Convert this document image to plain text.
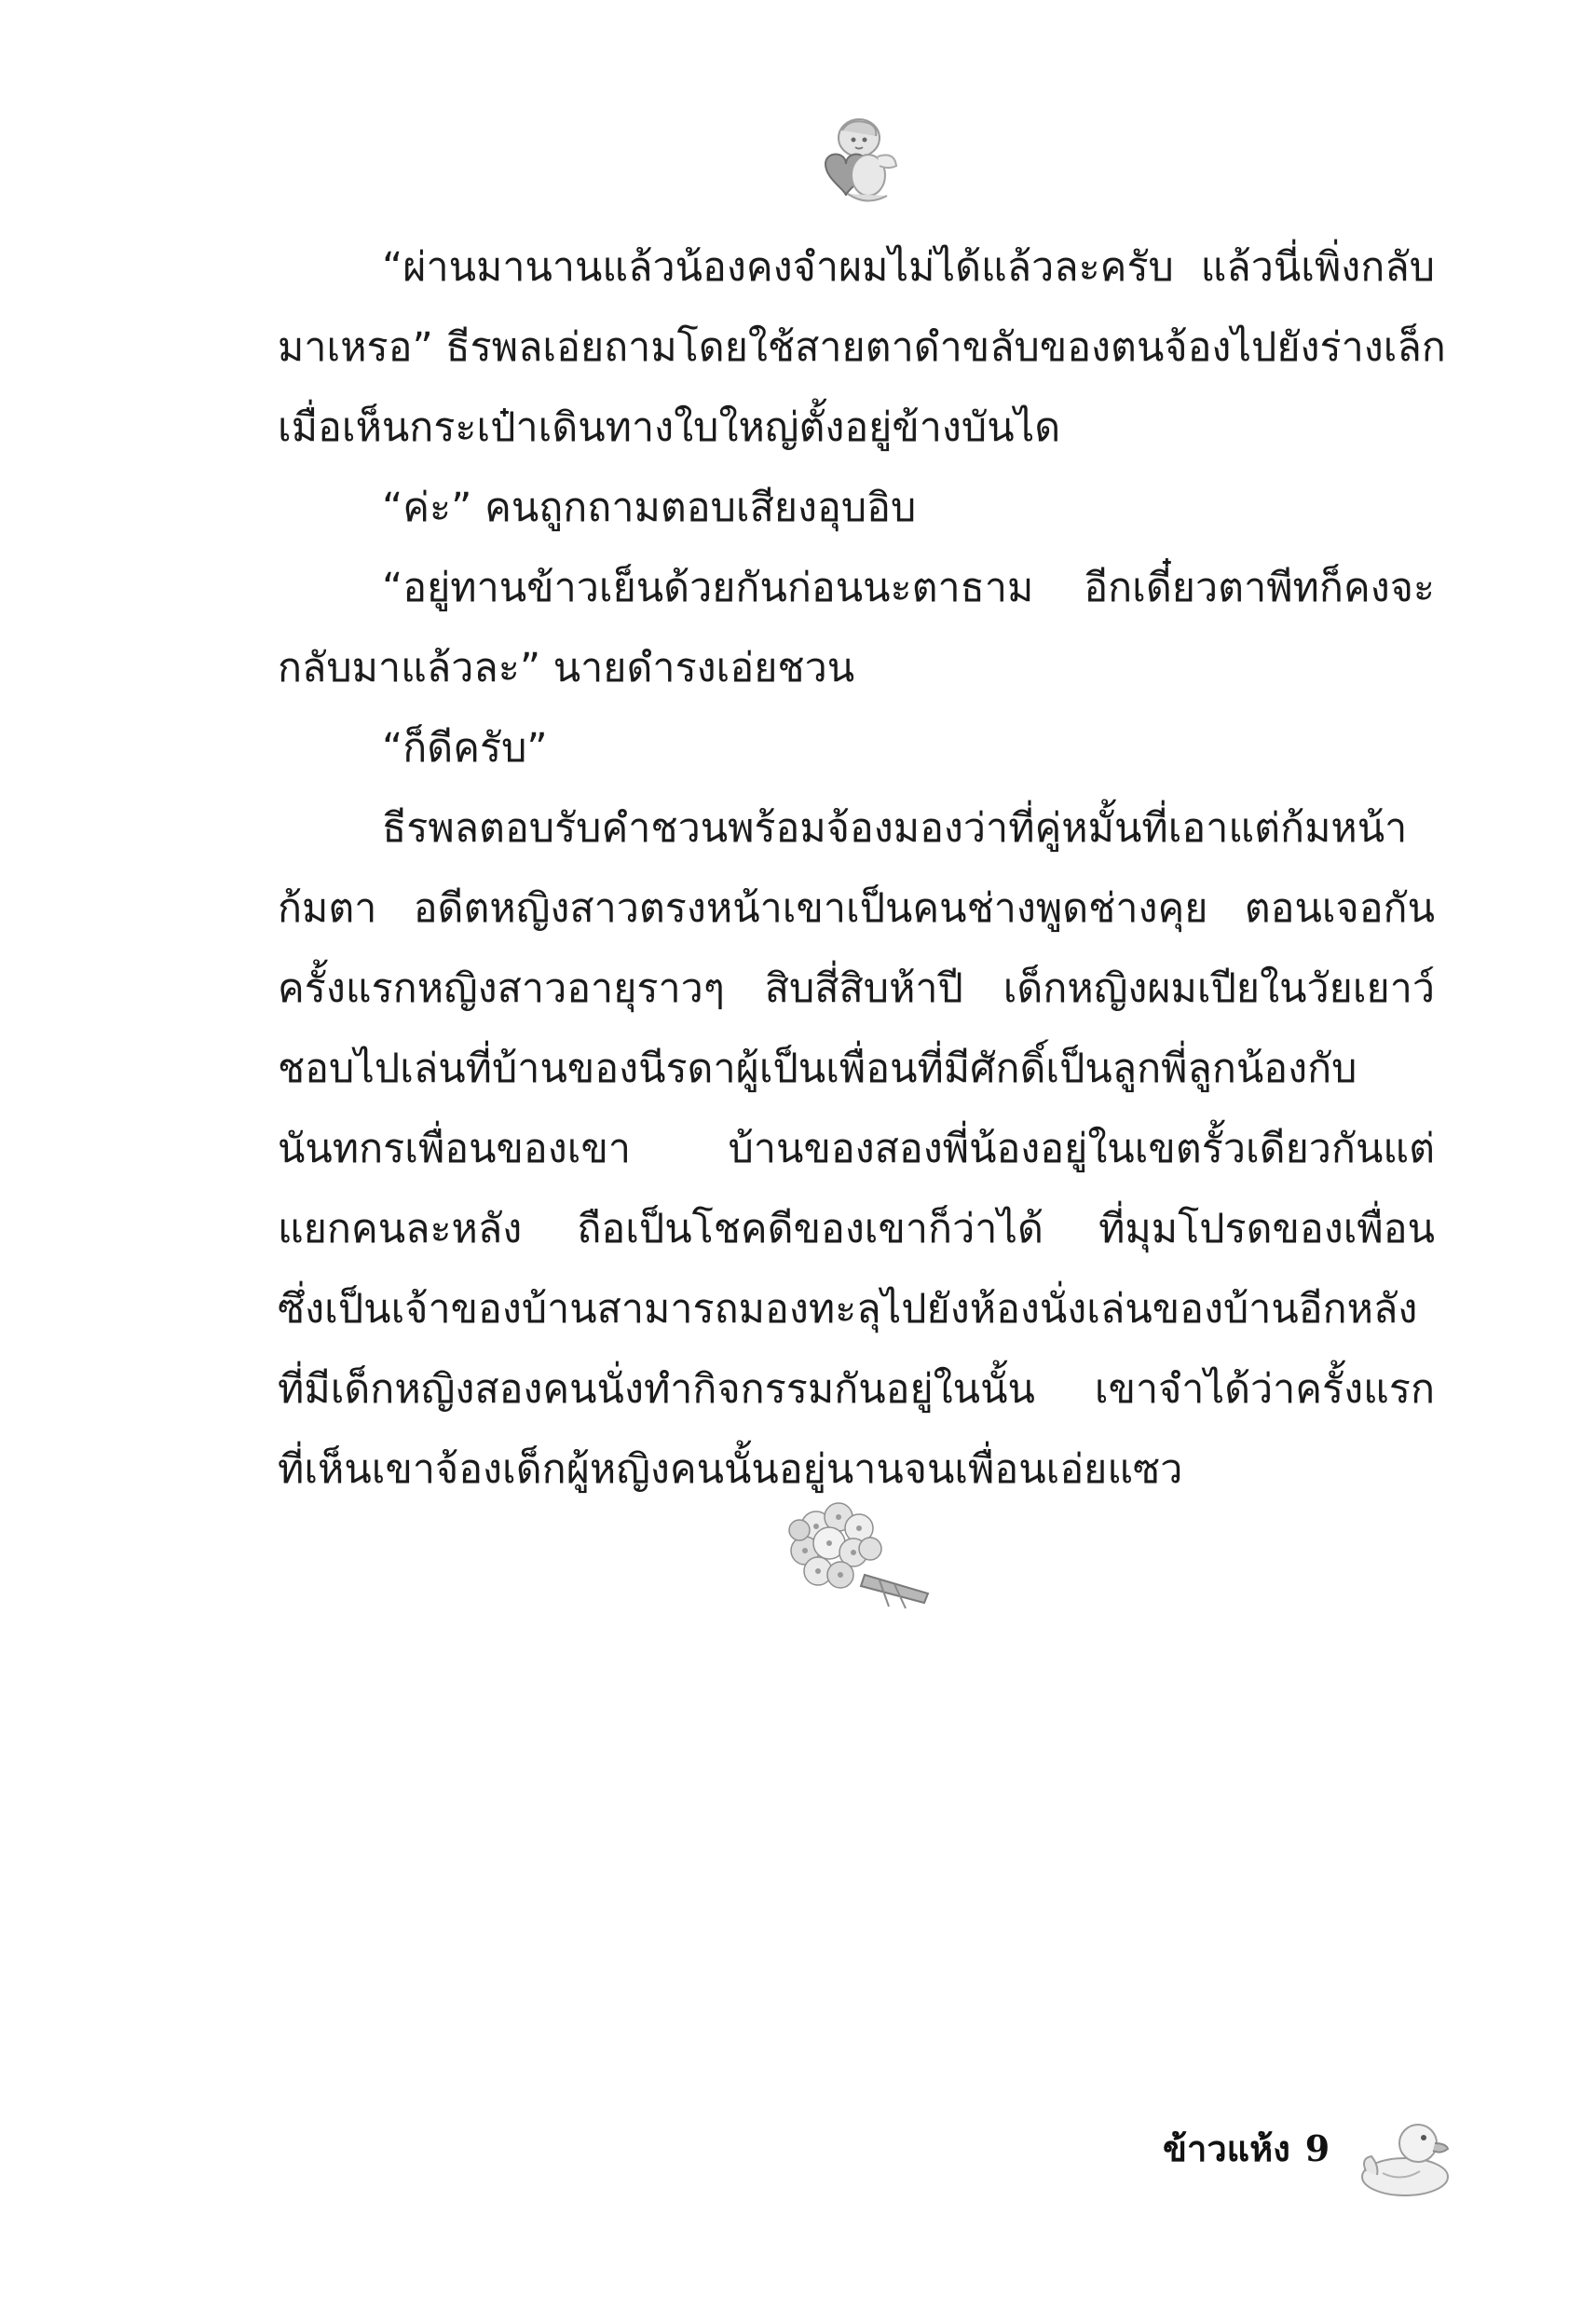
“ผ่านมานานแล้วน้องคงจำผมไม่ได้แล้วละครับ แล้วนี่เพิ่งกลับ
มาเหรอ” ธีรพลเอ่ยถามโดยใช้สายตาดำขลับของตนจ้องไปยังร่างเล็ก
เมื่อเห็นกระเป๋าเดินทางใบใหญ่ตั้งอยู่ข้างบันได
“ค่ะ” คนถูกถามตอบเสียงอุบอิบ
“อยู่ทานข้าวเย็นด้วยกันก่อนนะตาธาม อีกเดี๋ยวตาพีทก็คงจะ
กลับมาแล้วละ” นายดำรงเอ่ยชวน
“ก็ดีครับ”
ธีรพลตอบรับคำชวนพร้อมจ้องมองว่าที่คู่หมั้นที่เอาแต่ก้มหน้า
ก้มตา อดีตหญิงสาวตรงหน้าเขาเป็นคนช่างพูดช่างคุย ตอนเจอกัน
ครั้งแรกหญิงสาวอายุราวๆ สิบสี่สิบห้าปี เด็กหญิงผมเปียในวัยเยาว์
ชอบไปเล่นที่บ้านของนีรดาผู้เป็นเพื่อนที่มีศักดิ์เป็นลูกพี่ลูกน้องกับ
นันทกรเพื่อนของเขา บ้านของสองพี่น้องอยู่ในเขตรั้วเดียวกันแต่
แยกคนละหลัง ถือเป็นโชคดีของเขาก็ว่าได้ ที่มุมโปรดของเพื่อน
ซึ่งเป็นเจ้าของบ้านสามารถมองทะลุไปยังห้องนั่งเล่นของบ้านอีกหลัง
ที่มีเด็กหญิงสองคนนั่งทำกิจกรรมกันอยู่ในนั้น เขาจำได้ว่าครั้งแรก
ที่เห็นเขาจ้องเด็กผู้หญิงคนนั้นอยู่นานจนเพื่อนเอ่ยแซว
ข้าวแห้ง 9
